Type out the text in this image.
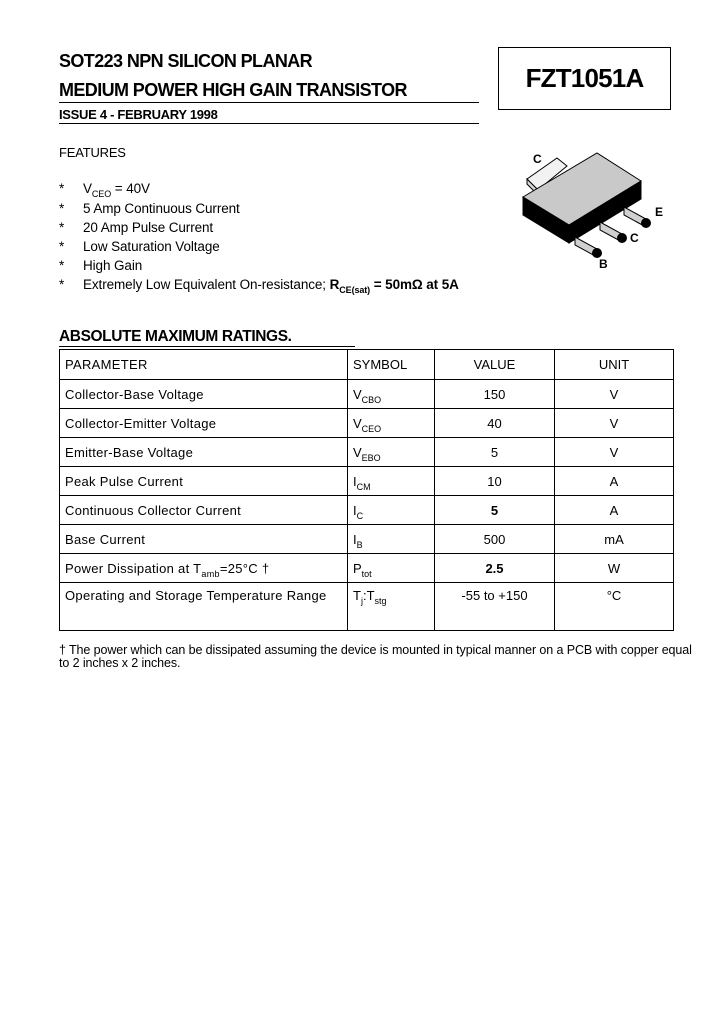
SOT223 NPN SILICON PLANAR
MEDIUM POWER HIGH GAIN TRANSISTOR
ISSUE 4 - FEBRUARY 1998
FZT1051A
FEATURES
* $V_{CEO} = 40V$
* 5 Amp Continuous Current
* 20 Amp Pulse Current
* Low Saturation Voltage
* High Gain
* Extremely Low Equivalent On-resistance; $R_{CE(sat)} = 50m\Omega$ at 5A
C
E
C
B
ABSOLUTE MAXIMUM RATINGS.
PARAMETER	SYMBOL	VALUE	UNIT
Collector-Base Voltage	$V_{CBO}$	150	V
Collector-Emitter Voltage	$V_{CEO}$	40	V
Emitter-Base Voltage	$V_{EBO}$	5	V
Peak Pulse Current	$I_{CM}$	10	A
Continuous Collector Current	$I_C$	5	A
Base Current	$I_B$	500	mA
Power Dissipation at $T_{amb}=25^\circ C$ †	$P_{tot}$	2.5	W
Operating and Storage Temperature Range	$T_j:T_{stg}$	-55 to +150	°C
† The power which can be dissipated assuming the device is mounted in typical manner on a PCB with copper equal to 2 inches x 2 inches.
